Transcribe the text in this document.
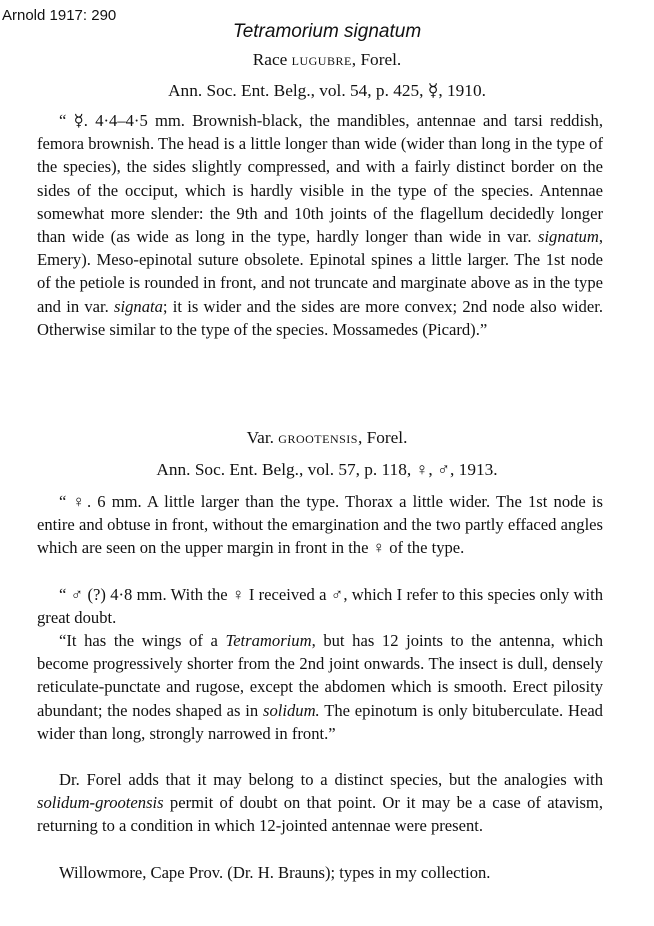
Arnold 1917: 290
Tetramorium signatum
Race lugubre, Forel.
Ann. Soc. Ent. Belg., vol. 54, p. 425, ☿, 1910.
“ ☿. 4·4–4·5 mm. Brownish-black, the mandibles, antennae and tarsi reddish, femora brownish. The head is a little longer than wide (wider than long in the type of the species), the sides slightly compressed, and with a fairly distinct border on the sides of the occiput, which is hardly visible in the type of the species. Antennae somewhat more slender: the 9th and 10th joints of the flagellum decidedly longer than wide (as wide as long in the type, hardly longer than wide in var. signatum, Emery). Meso-epinotal suture obsolete. Epinotal spines a little larger. The 1st node of the petiole is rounded in front, and not truncate and marginate above as in the type and in var. signata; it is wider and the sides are more convex; 2nd node also wider. Otherwise similar to the type of the species. Mossamedes (Picard).”
Var. grootensis, Forel.
Ann. Soc. Ent. Belg., vol. 57, p. 118, ♀, ♂, 1913.
“ ♀. 6 mm. A little larger than the type. Thorax a little wider. The 1st node is entire and obtuse in front, without the emargination and the two partly effaced angles which are seen on the upper margin in front in the ♀ of the type.
“ ♂ (?) 4·8 mm. With the ♀ I received a ♂, which I refer to this species only with great doubt.
“It has the wings of a Tetramorium, but has 12 joints to the antenna, which become progressively shorter from the 2nd joint onwards. The insect is dull, densely reticulate-punctate and rugose, except the abdomen which is smooth. Erect pilosity abundant; the nodes shaped as in solidum. The epinotum is only bituberculate. Head wider than long, strongly narrowed in front.”
Dr. Forel adds that it may belong to a distinct species, but the analogies with solidum-grootensis permit of doubt on that point. Or it may be a case of atavism, returning to a condition in which 12-jointed antennae were present.
Willowmore, Cape Prov. (Dr. H. Brauns); types in my collection.
